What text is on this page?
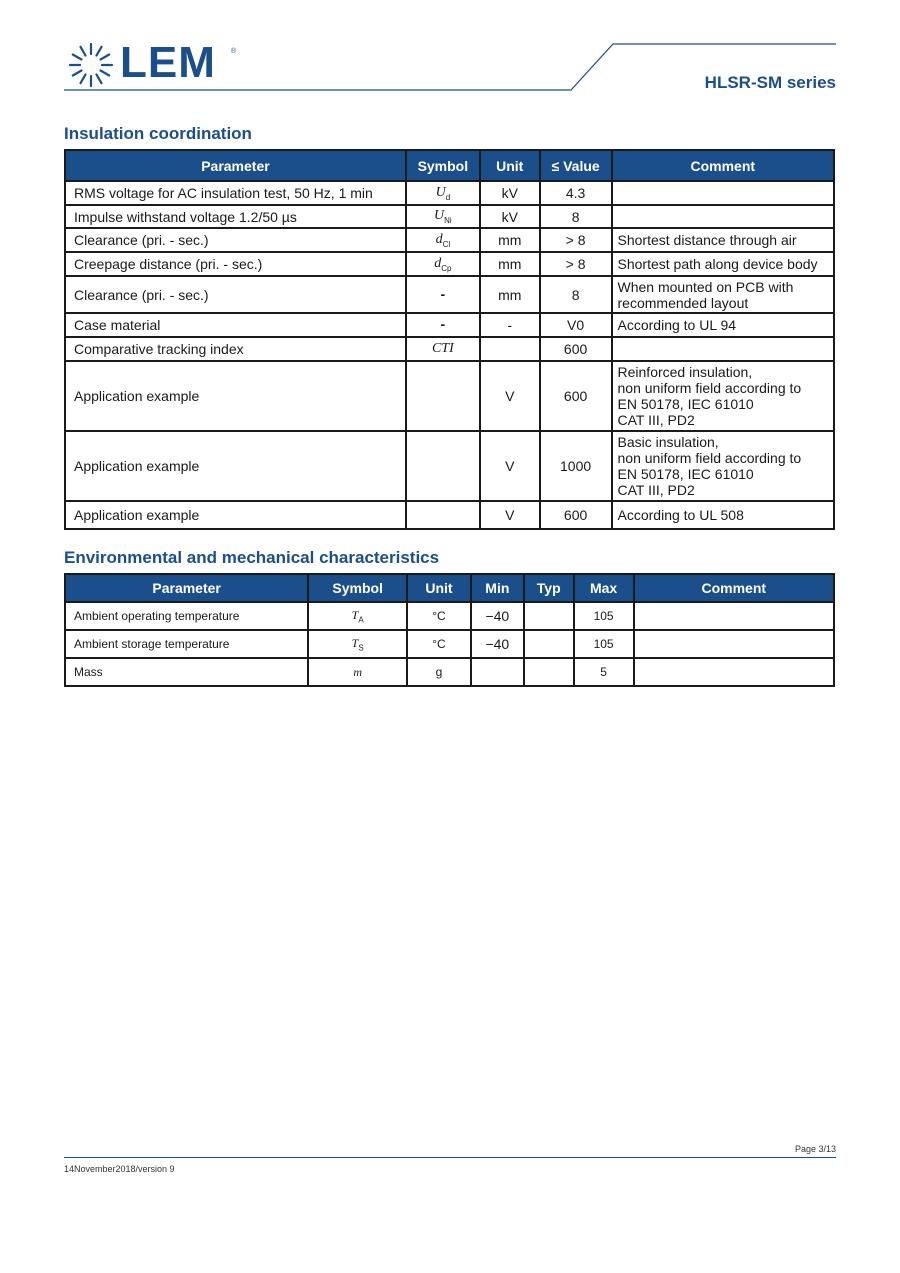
LEM ®
HLSR-SM series
Insulation coordination
Parameter	Symbol	Unit	≤ Value	Comment
RMS voltage for AC insulation test, 50 Hz, 1 min	$U_d$	kV	4.3	
Impulse withstand voltage 1.2/50 µs	$U_{Ni}$	kV	8	
Clearance (pri. - sec.)	$d_{Cl}$	mm	> 8	Shortest distance through air
Creepage distance (pri. - sec.)	$d_{Cp}$	mm	> 8	Shortest path along device body
Clearance (pri. - sec.)	-	mm	8	When mounted on PCB with recommended layout
Case material	-	-	V0	According to UL 94
Comparative tracking index	CTI		600	
Application example		V	600	Reinforced insulation,
non uniform field according to
EN 50178, IEC 61010
CAT III, PD2

Application example		V	1000	Basic insulation,
non uniform field according to
EN 50178, IEC 61010
CAT III, PD2

Application example		V	600	According to UL 508
Environmental and mechanical characteristics
Parameter	Symbol	Unit	Min	Typ	Max	Comment
Ambient operating temperature	$T_A$	°C	−40		105	
Ambient storage temperature	$T_S$	°C	−40		105	
Mass	m	g			5	
Page 3/13
14November2018/version 9
